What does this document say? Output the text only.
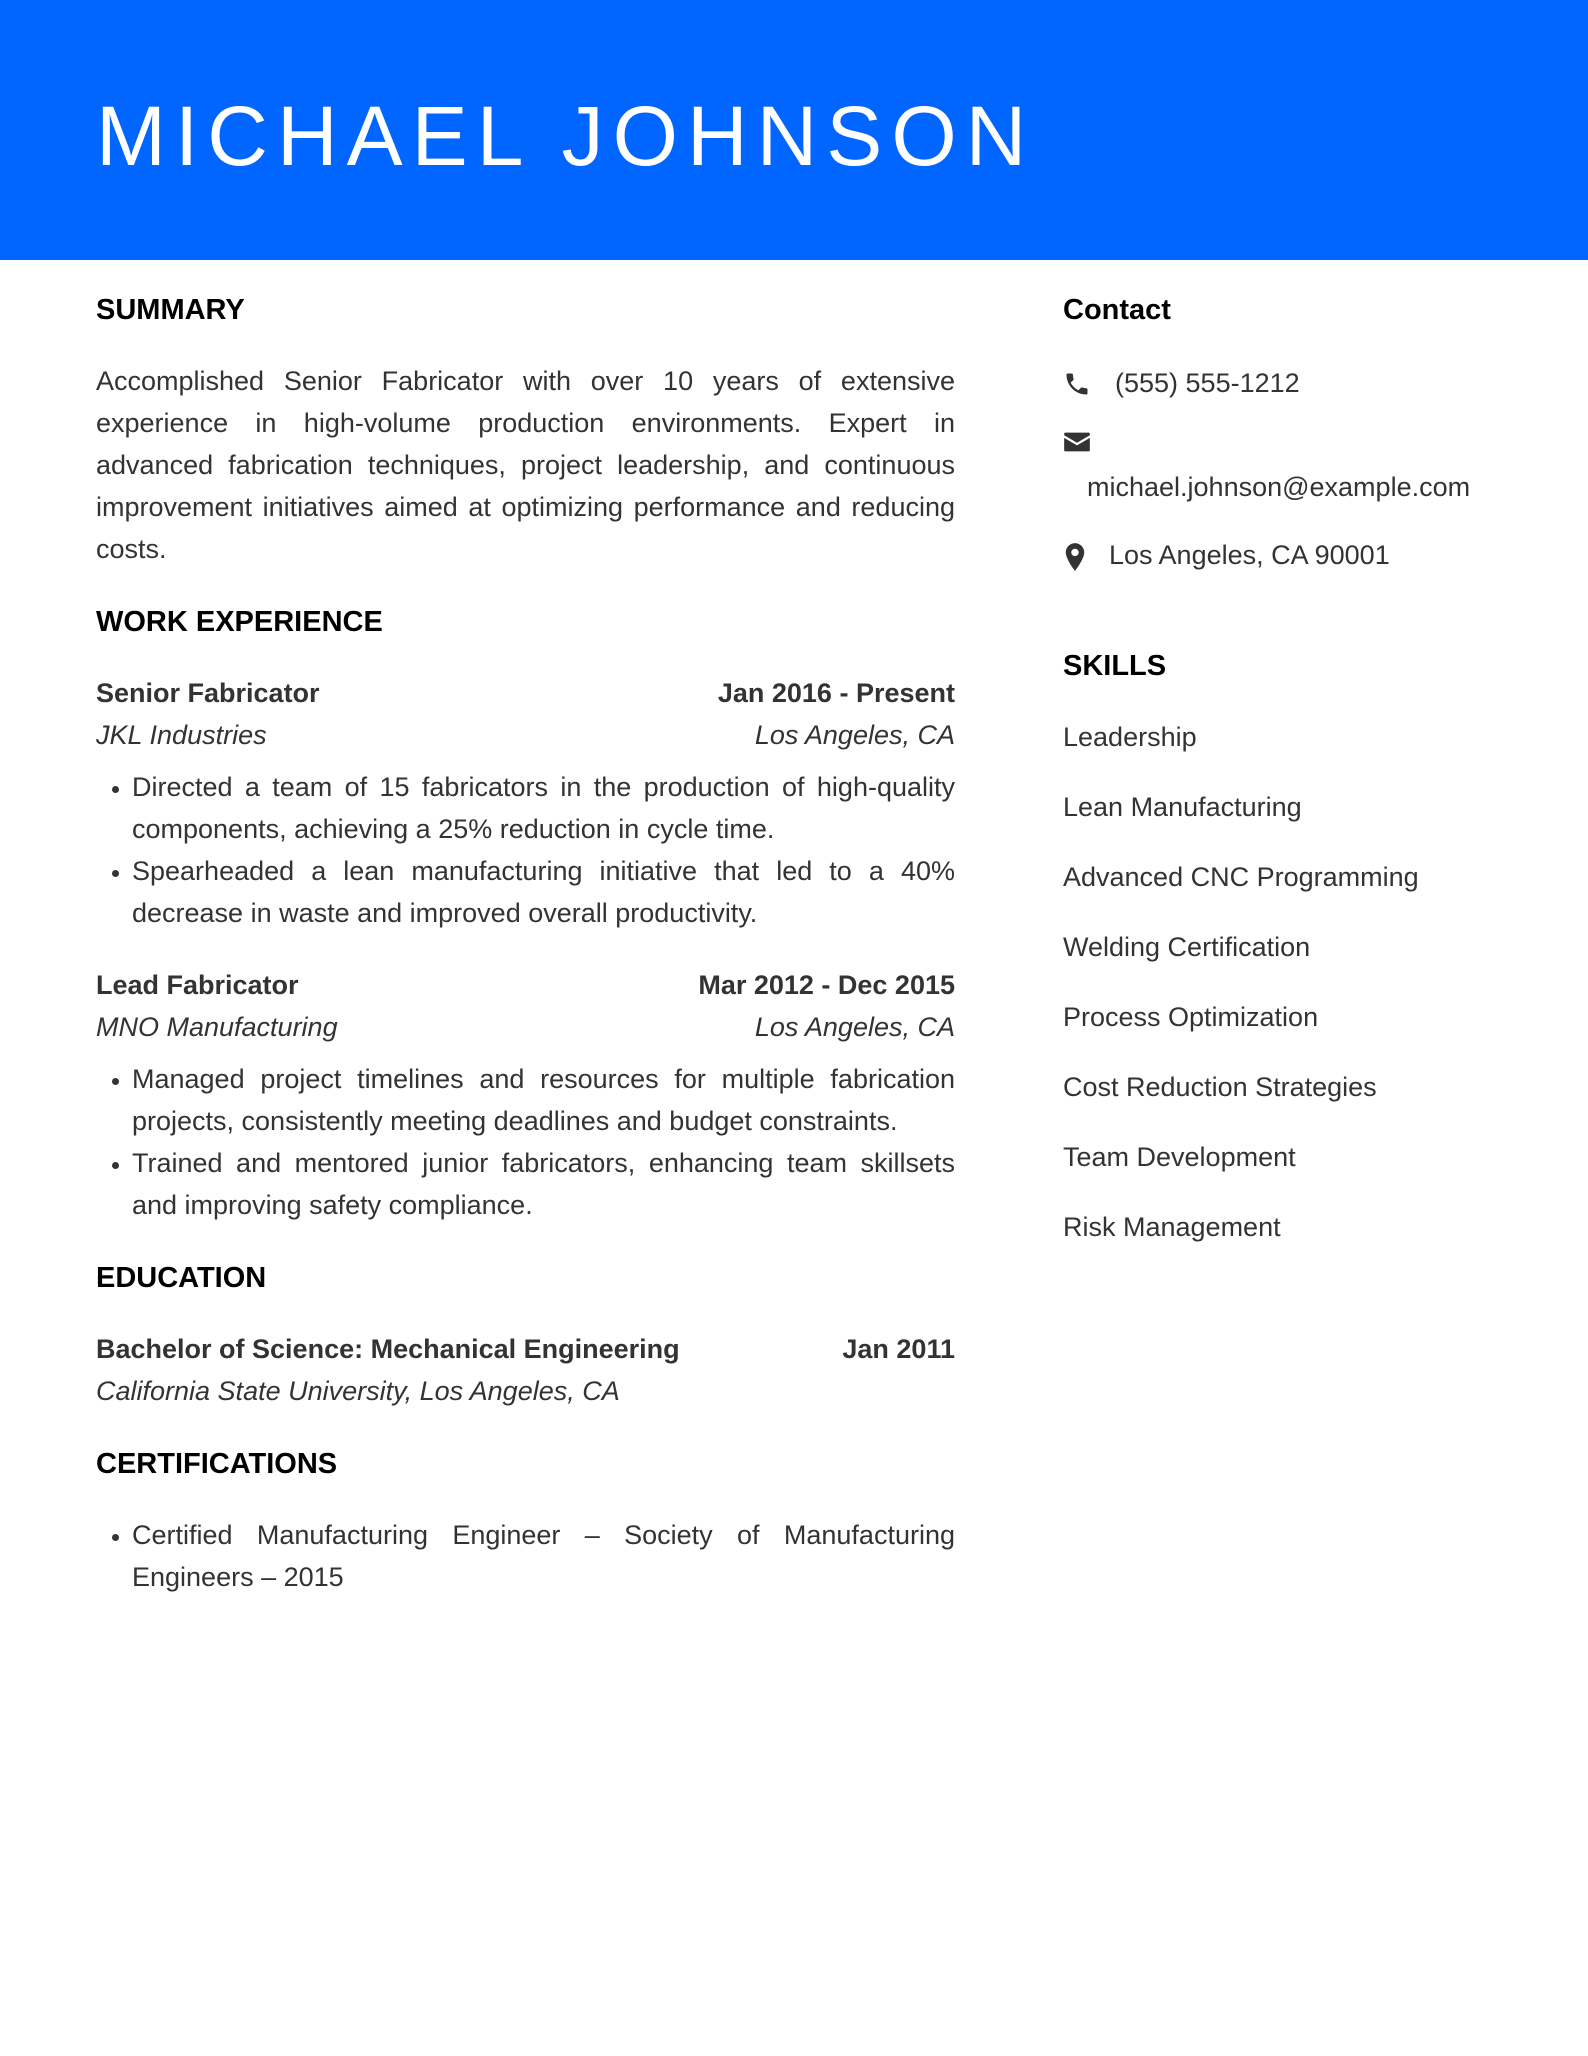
MICHAEL JOHNSON
SUMMARY
Accomplished Senior Fabricator with over 10 years of extensive experience in high-volume production environments. Expert in advanced fabrication techniques, project leadership, and continuous improvement initiatives aimed at optimizing performance and reducing costs.
WORK EXPERIENCE
Senior Fabricator	Jan 2016 - Present
JKL Industries	Los Angeles, CA
• Directed a team of 15 fabricators in the production of high-quality components, achieving a 25% reduction in cycle time.
• Spearheaded a lean manufacturing initiative that led to a 40% decrease in waste and improved overall productivity.
Lead Fabricator	Mar 2012 - Dec 2015
MNO Manufacturing	Los Angeles, CA
• Managed project timelines and resources for multiple fabrication projects, consistently meeting deadlines and budget constraints.
• Trained and mentored junior fabricators, enhancing team skillsets and improving safety compliance.
EDUCATION
Bachelor of Science: Mechanical Engineering	Jan 2011
California State University, Los Angeles, CA
CERTIFICATIONS
• Certified Manufacturing Engineer – Society of Manufacturing Engineers – 2015
Contact
(555) 555-1212
michael.johnson@example.com
Los Angeles, CA 90001
SKILLS
Leadership
Lean Manufacturing
Advanced CNC Programming
Welding Certification
Process Optimization
Cost Reduction Strategies
Team Development
Risk Management
